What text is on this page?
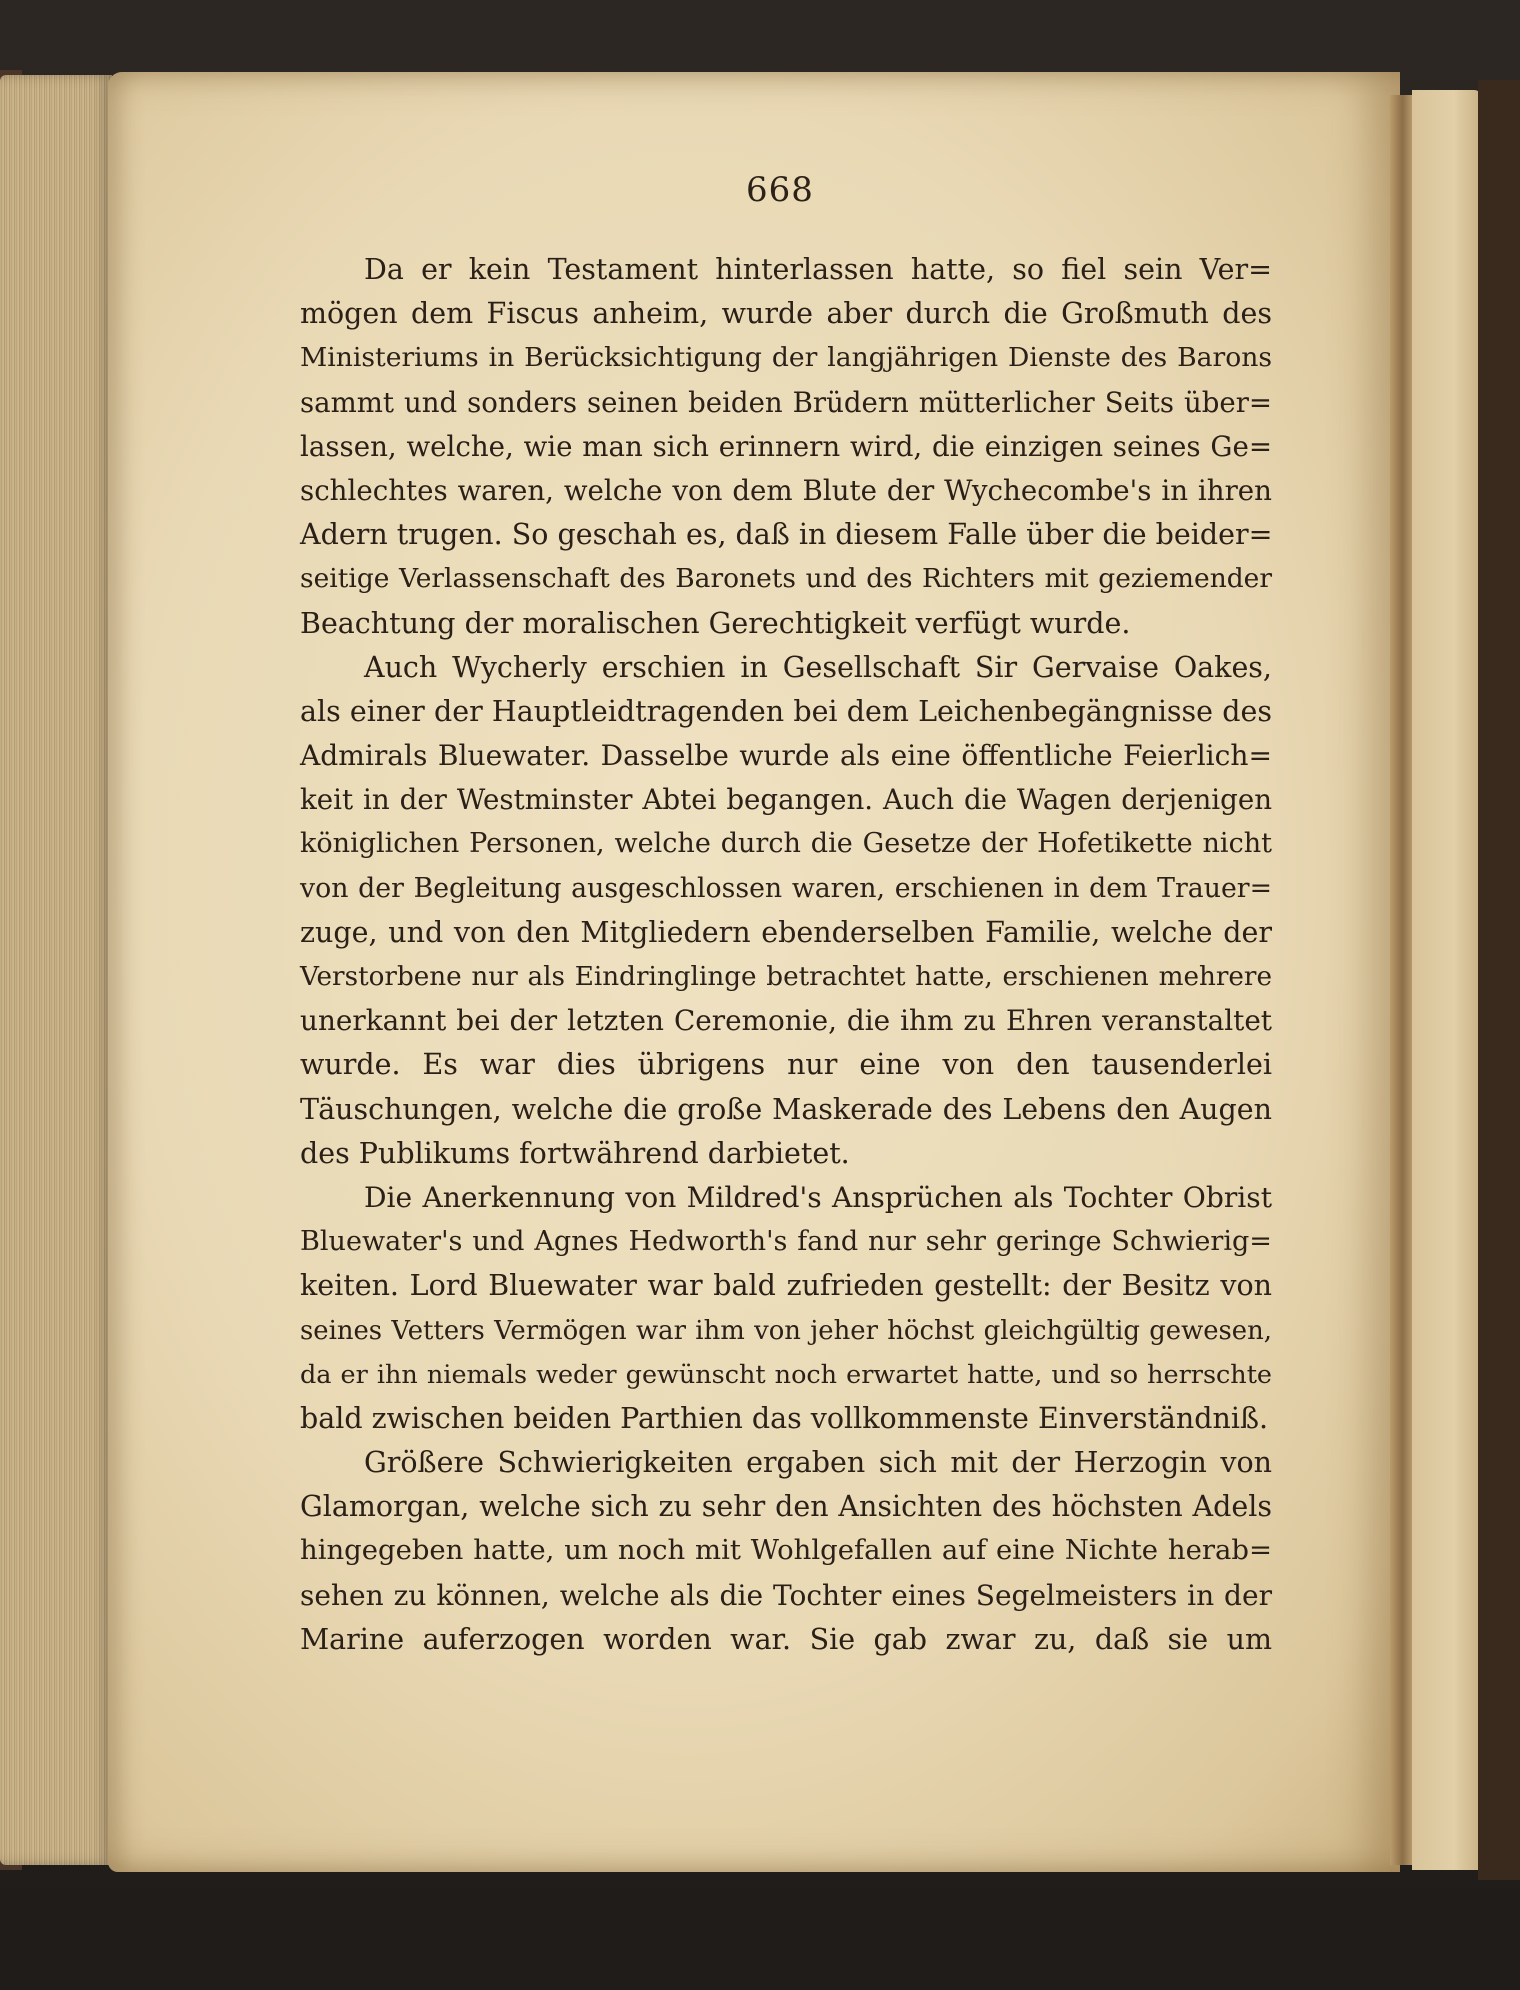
668
Da er kein Testament hinterlassen hatte, so fiel sein Ver=
mögen dem Fiscus anheim, wurde aber durch die Großmuth des
Ministeriums in Berücksichtigung der langjährigen Dienste des Barons
sammt und sonders seinen beiden Brüdern mütterlicher Seits über=
lassen, welche, wie man sich erinnern wird, die einzigen seines Ge=
schlechtes waren, welche von dem Blute der Wychecombe's in ihren
Adern trugen. So geschah es, daß in diesem Falle über die beider=
seitige Verlassenschaft des Baronets und des Richters mit geziemender
Beachtung der moralischen Gerechtigkeit verfügt wurde.
Auch Wycherly erschien in Gesellschaft Sir Gervaise Oakes,
als einer der Hauptleidtragenden bei dem Leichenbegängnisse des
Admirals Bluewater. Dasselbe wurde als eine öffentliche Feierlich=
keit in der Westminster Abtei begangen. Auch die Wagen derjenigen
königlichen Personen, welche durch die Gesetze der Hofetikette nicht
von der Begleitung ausgeschlossen waren, erschienen in dem Trauer=
zuge, und von den Mitgliedern ebenderselben Familie, welche der
Verstorbene nur als Eindringlinge betrachtet hatte, erschienen mehrere
unerkannt bei der letzten Ceremonie, die ihm zu Ehren veranstaltet
wurde. Es war dies übrigens nur eine von den tausenderlei
Täuschungen, welche die große Maskerade des Lebens den Augen
des Publikums fortwährend darbietet.
Die Anerkennung von Mildred's Ansprüchen als Tochter Obrist
Bluewater's und Agnes Hedworth's fand nur sehr geringe Schwierig=
keiten. Lord Bluewater war bald zufrieden gestellt: der Besitz von
seines Vetters Vermögen war ihm von jeher höchst gleichgültig gewesen,
da er ihn niemals weder gewünscht noch erwartet hatte, und so herrschte
bald zwischen beiden Parthien das vollkommenste Einverständniß.
Größere Schwierigkeiten ergaben sich mit der Herzogin von
Glamorgan, welche sich zu sehr den Ansichten des höchsten Adels
hingegeben hatte, um noch mit Wohlgefallen auf eine Nichte herab=
sehen zu können, welche als die Tochter eines Segelmeisters in der
Marine auferzogen worden war. Sie gab zwar zu, daß sie um
